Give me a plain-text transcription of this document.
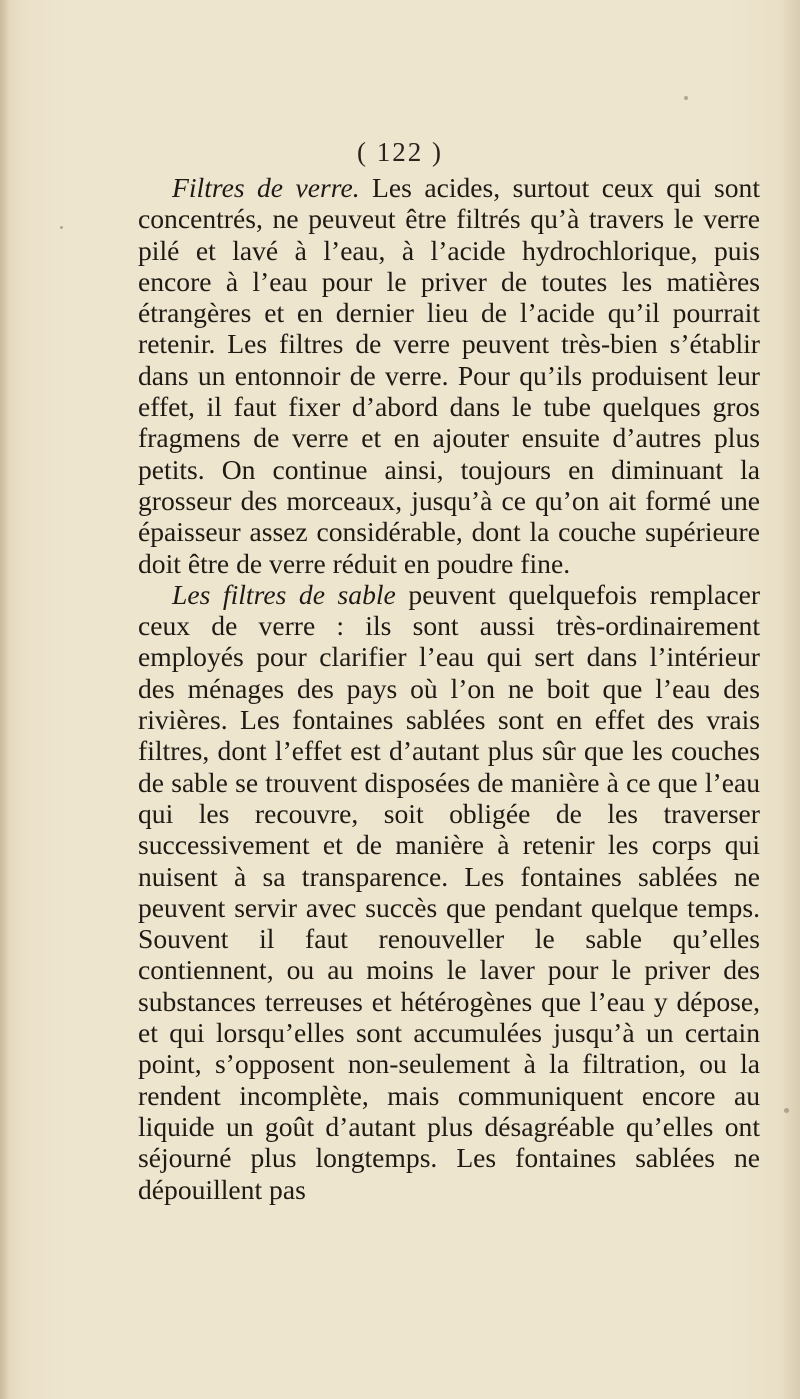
( 122 )

Filtres de verre. Les acides, surtout ceux qui sont concentrés, ne peuveut être filtrés qu’à travers le verre pilé et lavé à l’eau, à l’acide hydrochlorique, puis encore à l’eau pour le priver de toutes les matières étrangères et en dernier lieu de l’acide qu’il pourrait retenir. Les filtres de verre peuvent très-bien s’établir dans un entonnoir de verre. Pour qu’ils produisent leur effet, il faut fixer d’abord dans le tube quelques gros fragmens de verre et en ajouter ensuite d’autres plus petits. On continue ainsi, toujours en diminuant la grosseur des morceaux, jusqu’à ce qu’on ait formé une épaisseur assez considérable, dont la couche supérieure doit être de verre réduit en poudre fine.

Les filtres de sable peuvent quelquefois remplacer ceux de verre : ils sont aussi très-ordinairement employés pour clarifier l’eau qui sert dans l’intérieur des ménages des pays où l’on ne boit que l’eau des rivières. Les fontaines sablées sont en effet des vrais filtres, dont l’effet est d’autant plus sûr que les couches de sable se trouvent disposées de manière à ce que l’eau qui les recouvre, soit obligée de les traverser successivement et de manière à retenir les corps qui nuisent à sa transparence. Les fontaines sablées ne peuvent servir avec succès que pendant quelque temps. Souvent il faut renouveller le sable qu’elles contiennent, ou au moins le laver pour le priver des substances terreuses et hétérogènes que l’eau y dépose, et qui lorsqu’elles sont accumulées jusqu’à un certain point, s’opposent non-seulement à la filtration, ou la rendent incomplète, mais communiquent encore au liquide un goût d’autant plus désagréable qu’elles ont séjourné plus longtemps. Les fontaines sablées ne dépouillent pas
